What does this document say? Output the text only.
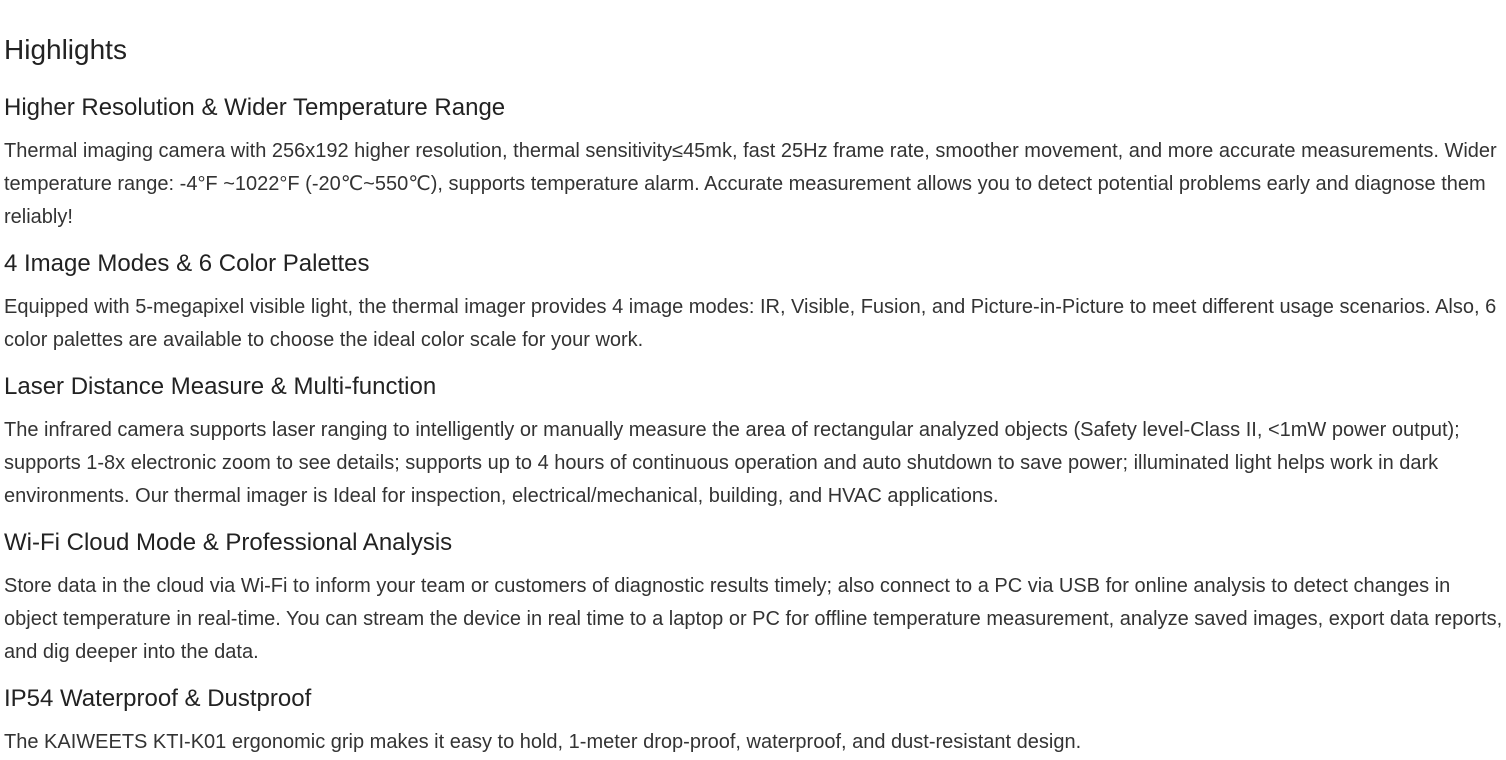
Highlights
Higher Resolution & Wider Temperature Range

Thermal imaging camera with 256x192 higher resolution, thermal sensitivity≤45mk, fast 25Hz frame rate, smoother movement, and more accurate measurements. Wider temperature range: -4°F ~1022°F (-20℃~550℃), supports temperature alarm. Accurate measurement allows you to detect potential problems early and diagnose them reliably!

4 Image Modes & 6 Color Palettes

Equipped with 5-megapixel visible light, the thermal imager provides 4 image modes: IR, Visible, Fusion, and Picture-in-Picture to meet different usage scenarios. Also, 6 color palettes are available to choose the ideal color scale for your work.

Laser Distance Measure & Multi-function

The infrared camera supports laser ranging to intelligently or manually measure the area of rectangular analyzed objects (Safety level-Class II, <1mW power output); supports 1-8x electronic zoom to see details; supports up to 4 hours of continuous operation and auto shutdown to save power; illuminated light helps work in dark environments. Our thermal imager is Ideal for inspection, electrical/mechanical, building, and HVAC applications.

Wi-Fi Cloud Mode & Professional Analysis

Store data in the cloud via Wi-Fi to inform your team or customers of diagnostic results timely; also connect to a PC via USB for online analysis to detect changes in object temperature in real-time. You can stream the device in real time to a laptop or PC for offline temperature measurement, analyze saved images, export data reports, and dig deeper into the data.

IP54 Waterproof & Dustproof

The KAIWEETS KTI-K01 ergonomic grip makes it easy to hold, 1-meter drop-proof, waterproof, and dust-resistant design.
